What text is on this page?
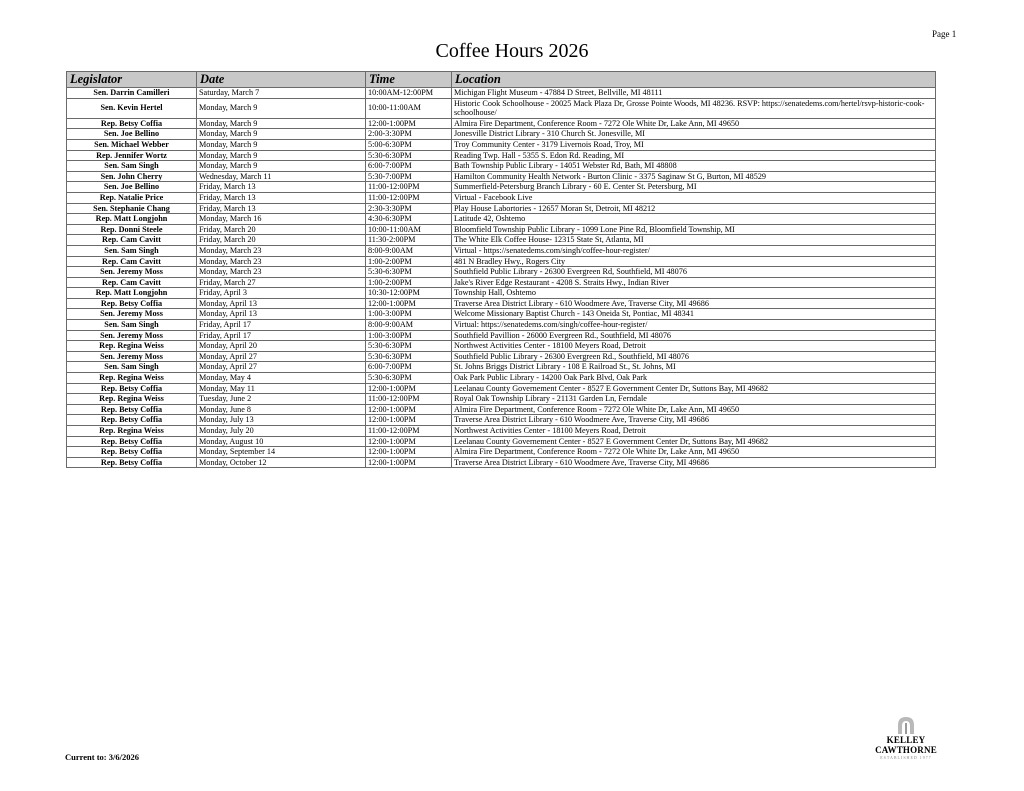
Page 1
Coffee Hours 2026
Legislator	Date	Time	Location
Sen. Darrin Camilleri	Saturday, March 7	10:00AM-12:00PM	Michigan Flight Museum - 47884 D Street, Bellville, MI 48111
Sen. Kevin Hertel	Monday, March 9	10:00-11:00AM	Historic Cook Schoolhouse - 20025 Mack Plaza Dr, Grosse Pointe Woods, MI 48236. RSVP: https://senatedems.com/hertel/rsvp-historic-cook-schoolhouse/
Rep. Betsy Coffia	Monday, March 9	12:00-1:00PM	Almira Fire Department, Conference Room - 7272 Ole White Dr, Lake Ann, MI 49650
Sen. Joe Bellino	Monday, March 9	2:00-3:30PM	Jonesville District Library - 310 Church St. Jonesville, MI
Sen. Michael Webber	Monday, March 9	5:00-6:30PM	Troy Community Center - 3179 Livernois Road, Troy, MI
Rep. Jennifer Wortz	Monday, March 9	5:30-6:30PM	Reading Twp. Hall - 5355 S. Edon Rd. Reading, MI
Sen. Sam Singh	Monday, March 9	6:00-7:00PM	Bath Township Public Library - 14051 Webster Rd, Bath, MI 48808
Sen. John Cherry	Wednesday, March 11	5:30-7:00PM	Hamilton Community Health Network - Burton Clinic - 3375 Saginaw St G, Burton, MI 48529
Sen. Joe Bellino	Friday, March 13	11:00-12:00PM	Summerfield-Petersburg Branch Library - 60 E. Center St. Petersburg, MI
Rep. Natalie Price	Friday, March 13	11:00-12:00PM	Virtual - Facebook Live
Sen. Stephanie Chang	Friday, March 13	2:30-3:30PM	Play House Labortories - 12657 Moran St, Detroit, MI 48212
Rep. Matt Longjohn	Monday, March 16	4:30-6:30PM	Latitude 42, Oshtemo
Rep. Donni Steele	Friday, March 20	10:00-11:00AM	Bloomfield Township Public Library - 1099 Lone Pine Rd, Bloomfield Township, MI
Rep. Cam Cavitt	Friday, March 20	11:30-2:00PM	The White Elk Coffee House- 12315 State St, Atlanta, MI
Sen. Sam Singh	Monday, March 23	8:00-9:00AM	Virtual - https://senatedems.com/singh/coffee-hour-register/
Rep. Cam Cavitt	Monday, March 23	1:00-2:00PM	481 N Bradley Hwy., Rogers City
Sen. Jeremy Moss	Monday, March 23	5:30-6:30PM	Southfield Public Library - 26300 Evergreen Rd, Southfield, MI 48076
Rep. Cam Cavitt	Friday, March 27	1:00-2:00PM	Jake's River Edge Restaurant - 4208 S. Straits Hwy., Indian River
Rep. Matt Longjohn	Friday, April 3	10:30-12:00PM	Township Hall, Oshtemo
Rep. Betsy Coffia	Monday, April 13	12:00-1:00PM	Traverse Area District Library - 610 Woodmere Ave, Traverse City, MI 49686
Sen. Jeremy Moss	Monday, April 13	1:00-3:00PM	Welcome Missionary Baptist Church - 143 Oneida St, Pontiac, MI 48341
Sen. Sam Singh	Friday, April 17	8:00-9:00AM	Virtual: https://senatedems.com/singh/coffee-hour-register/
Sen. Jeremy Moss	Friday, April 17	1:00-3:00PM	Southfield Pavillion - 26000 Evergreen Rd., Southfield, MI 48076
Rep. Regina Weiss	Monday, April 20	5:30-6:30PM	Northwest Activities Center - 18100 Meyers Road, Detroit
Sen. Jeremy Moss	Monday, April 27	5:30-6:30PM	Southfield Public Library - 26300 Evergreen Rd., Southfield, MI 48076
Sen. Sam Singh	Monday, April 27	6:00-7:00PM	St. Johns Briggs District Library - 108 E Railroad St., St. Johns, MI
Rep. Regina Weiss	Monday, May 4	5:30-6:30PM	Oak Park Public Library - 14200 Oak Park Blvd, Oak Park
Rep. Betsy Coffia	Monday, May 11	12:00-1:00PM	Leelanau County Governement Center - 8527 E Government Center Dr, Suttons Bay, MI 49682
Rep. Regina Weiss	Tuesday, June 2	11:00-12:00PM	Royal Oak Township Library - 21131 Garden Ln, Ferndale
Rep. Betsy Coffia	Monday, June 8	12:00-1:00PM	Almira Fire Department, Conference Room - 7272 Ole White Dr, Lake Ann, MI 49650
Rep. Betsy Coffia	Monday, July 13	12:00-1:00PM	Traverse Area District Library - 610 Woodmere Ave, Traverse City, MI 49686
Rep. Regina Weiss	Monday, July 20	11:00-12:00PM	Northwest Activities Center - 18100 Meyers Road, Detroit
Rep. Betsy Coffia	Monday, August 10	12:00-1:00PM	Leelanau County Governement Center - 8527 E Government Center Dr, Suttons Bay, MI 49682
Rep. Betsy Coffia	Monday, September 14	12:00-1:00PM	Almira Fire Department, Conference Room - 7272 Ole White Dr, Lake Ann, MI 49650
Rep. Betsy Coffia	Monday, October 12	12:00-1:00PM	Traverse Area District Library - 610 Woodmere Ave, Traverse City, MI 49686
Current to: 3/6/2026
KELLEY CAWTHORNE
ESTABLISHED 1977
